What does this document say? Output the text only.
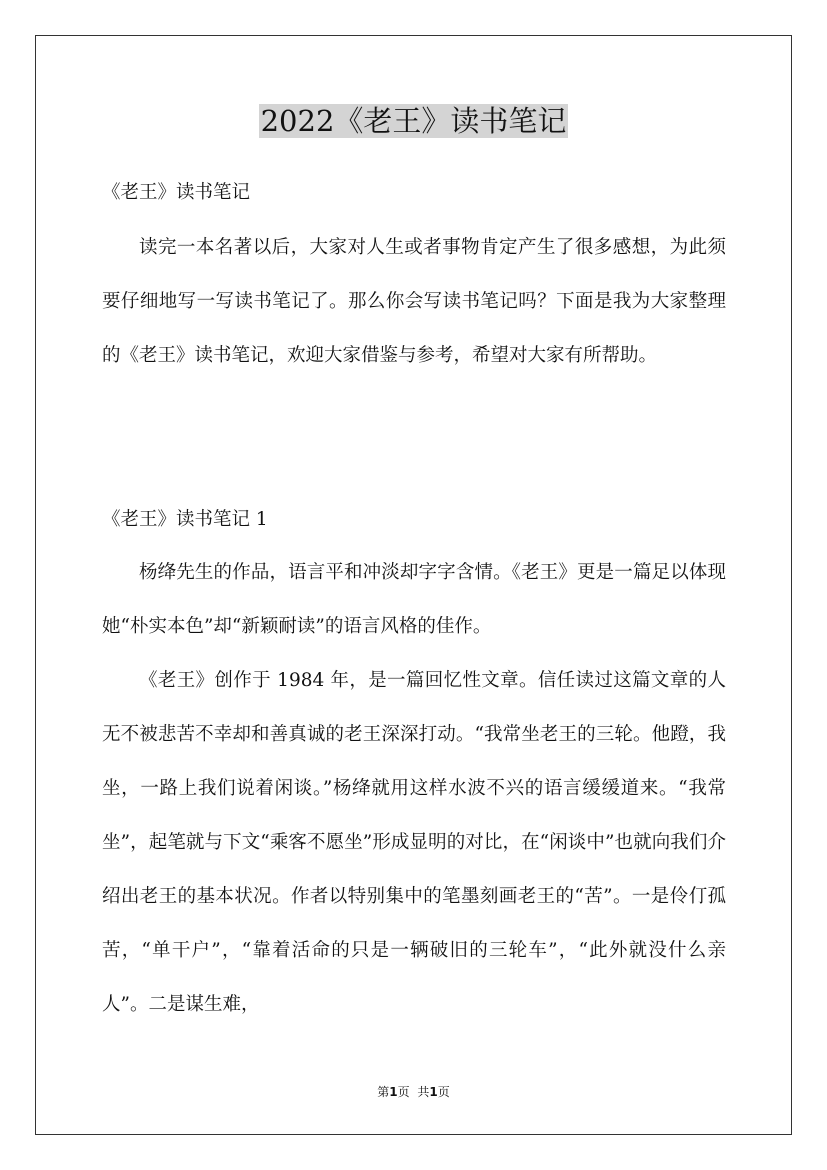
2022《老王》读书笔记
《老王》读书笔记

读完一本名著以后，大家对人生或者事物肯定产生了很多感想，为此须要仔细地写一写读书笔记了。那么你会写读书笔记吗？下面是我为大家整理的《老王》读书笔记，欢迎大家借鉴与参考，希望对大家有所帮助。

《老王》读书笔记 1

杨绛先生的作品，语言平和冲淡却字字含情。《老王》更是一篇足以体现她“朴实本色”却“新颖耐读”的语言风格的佳作。

《老王》创作于 1984 年，是一篇回忆性文章。信任读过这篇文章的人无不被悲苦不幸却和善真诚的老王深深打动。“我常坐老王的三轮。他蹬，我坐，一路上我们说着闲谈。”杨绛就用这样水波不兴的语言缓缓道来。“我常坐”，起笔就与下文“乘客不愿坐”形成显明的对比，在“闲谈中”也就向我们介绍出老王的基本状况。作者以特别集中的笔墨刻画老王的“苦”。一是伶仃孤苦，“单干户”，“靠着活命的只是一辆破旧的三轮车”，“此外就没什么亲人”。二是谋生难，

第1页 共1页
